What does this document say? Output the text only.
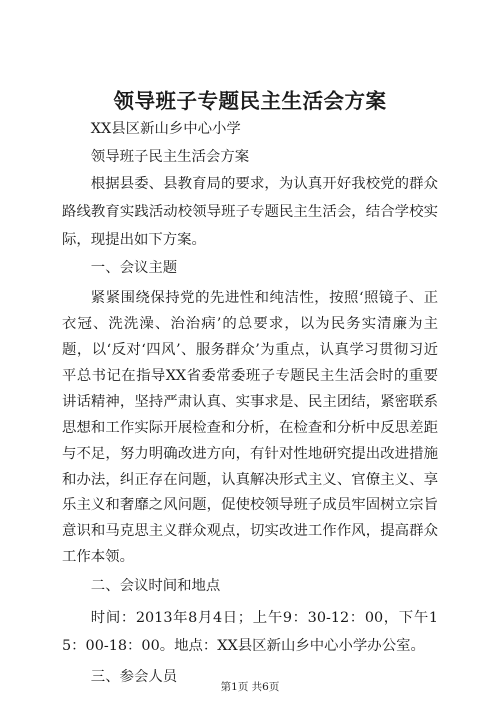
领导班子专题民主生活会方案

XX县区新山乡中心小学

领导班子民主生活会方案

根据县委、县教育局的要求，为认真开好我校党的群众路线教育实践活动校领导班子专题民主生活会，结合学校实际，现提出如下方案。

一、会议主题

紧紧围绕保持党的先进性和纯洁性，按照‘照镜子、正衣冠、洗洗澡、治治病’的总要求，以为民务实清廉为主题，以‘反对‘四风’、服务群众’为重点，认真学习贯彻习近平总书记在指导XX省委常委班子专题民主生活会时的重要讲话精神，坚持严肃认真、实事求是、民主团结，紧密联系思想和工作实际开展检查和分析，在检查和分析中反思差距与不足，努力明确改进方向，有针对性地研究提出改进措施和办法，纠正存在问题，认真解决形式主义、官僚主义、享乐主义和奢靡之风问题，促使校领导班子成员牢固树立宗旨意识和马克思主义群众观点，切实改进工作作风，提高群众工作本领。

二、会议时间和地点

时间：2013年8月4日；上午9：30-12：00，下午15：00-18：00。地点：XX县区新山乡中心小学办公室。

三、参会人员

第1页 共6页
